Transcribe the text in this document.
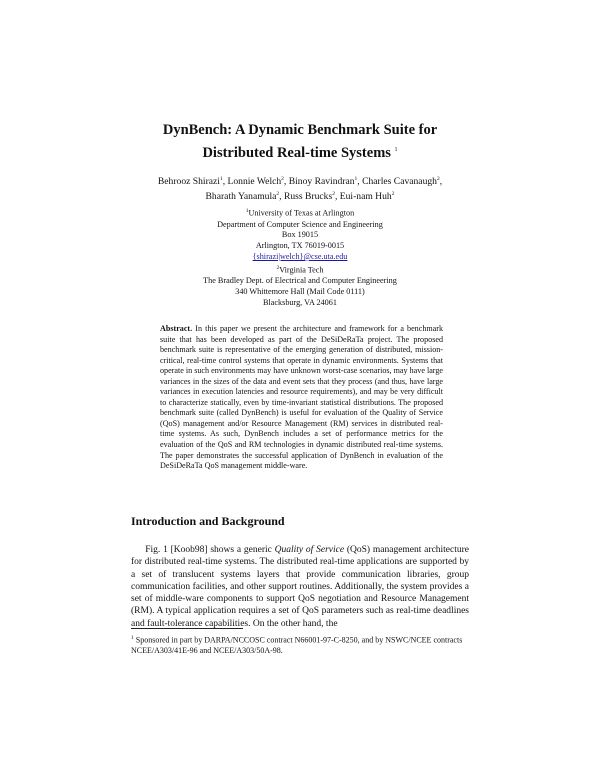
DynBench: A Dynamic Benchmark Suite for
Distributed Real-time Systems $^1$
Behrooz Shirazi$^1$, Lonnie Welch$^2$, Binoy Ravindran$^1$, Charles Cavanaugh$^2$, Bharath Yanamula$^2$, Russ Brucks$^2$, Eui-nam Huh$^2$
$^1$University of Texas at Arlington
Department of Computer Science and Engineering
Box 19015
Arlington, TX 76019-0015
{shirazi|welch}@cse.uta.edu
$^2$Virginia Tech
The Bradley Dept. of Electrical and Computer Engineering
340 Whittemore Hall (Mail Code 0111)
Blacksburg, VA 24061
Abstract. In this paper we present the architecture and framework for a benchmark suite that has been developed as part of the DeSiDeRaTa project. The proposed benchmark suite is representative of the emerging generation of distributed, mission-critical, real-time control systems that operate in dynamic environments. Systems that operate in such environments may have unknown worst-case scenarios, may have large variances in the sizes of the data and event sets that they process (and thus, have large variances in execution latencies and resource requirements), and may be very difficult to characterize statically, even by time-invariant statistical distributions. The proposed benchmark suite (called DynBench) is useful for evaluation of the Quality of Service (QoS) management and/or Resource Management (RM) services in distributed real-time systems. As such, DynBench includes a set of performance metrics for the evaluation of the QoS and RM technologies in dynamic distributed real-time systems. The paper demonstrates the successful application of DynBench in evaluation of the DeSiDeRaTa QoS management middle-ware.
Introduction and Background
  Fig. 1 [Koob98] shows a generic Quality of Service (QoS) management architecture for distributed real-time systems. The distributed real-time applications are supported by a set of translucent systems layers that provide communication libraries, group communication facilities, and other support routines. Additionally, the system provides a set of middle-ware components to support QoS negotiation and Resource Management (RM). A typical application requires a set of QoS parameters such as real-time deadlines and fault-tolerance capabilities. On the other hand, the
$^1$ Sponsored in part by DARPA/NCCOSC contract N66001-97-C-8250, and by NSWC/NCEE contracts NCEE/A303/41E-96 and NCEE/A303/50A-98.
